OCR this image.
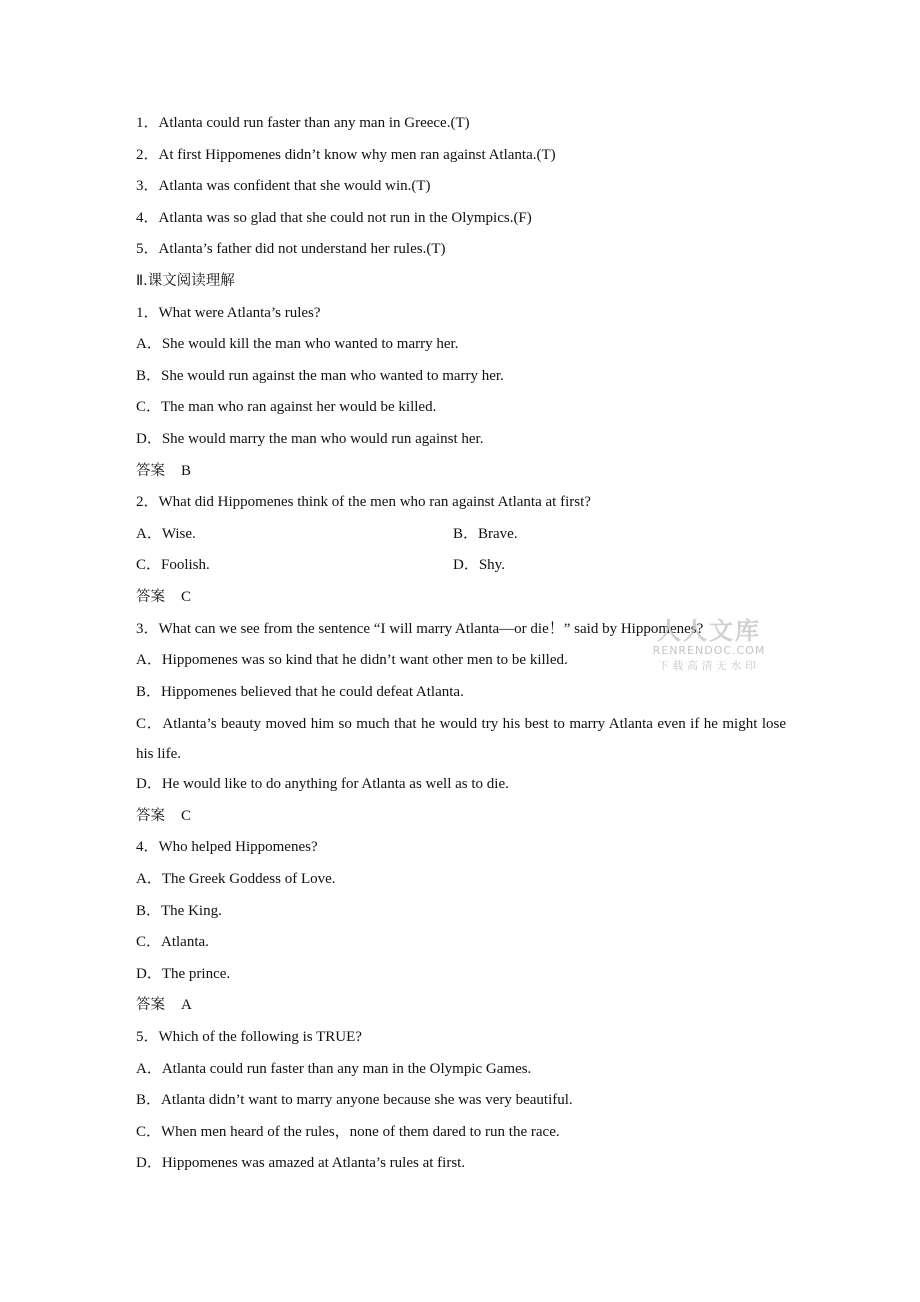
1．Atlanta could run faster than any man in Greece.(T)
2．At first Hippomenes didn’t know why men ran against Atlanta.(T)
3．Atlanta was confident that she would win.(T)
4．Atlanta was so glad that she could not run in the Olympics.(F)
5．Atlanta’s father did not understand her rules.(T)
Ⅱ.课文阅读理解
1．What were Atlanta’s rules?
A．She would kill the man who wanted to marry her.
B．She would run against the man who wanted to marry her.
C．The man who ran against her would be killed.
D．She would marry the man who would run against her.
答案 B
2．What did Hippomenes think of the men who ran against Atlanta at first?
A．Wise.	B．Brave.
C．Foolish.	D．Shy.
答案 C
3．What can we see from the sentence “I will marry Atlanta—or die！” said by Hippomenes?
A．Hippomenes was so kind that he didn’t want other men to be killed.
B．Hippomenes believed that he could defeat Atlanta.
C．Atlanta’s beauty moved him so much that he would try his best to marry Atlanta even if he might lose his life.
D．He would like to do anything for Atlanta as well as to die.
答案 C
4．Who helped Hippomenes?
A．The Greek Goddess of Love.
B．The King.
C．Atlanta.
D．The prince.
答案 A
5．Which of the following is TRUE?
A．Atlanta could run faster than any man in the Olympic Games.
B．Atlanta didn’t want to marry anyone because she was very beautiful.
C．When men heard of the rules，none of them dared to run the race.
D．Hippomenes was amazed at Atlanta’s rules at first.
人人文库
RENRENDOC.COM
下载高清无水印
